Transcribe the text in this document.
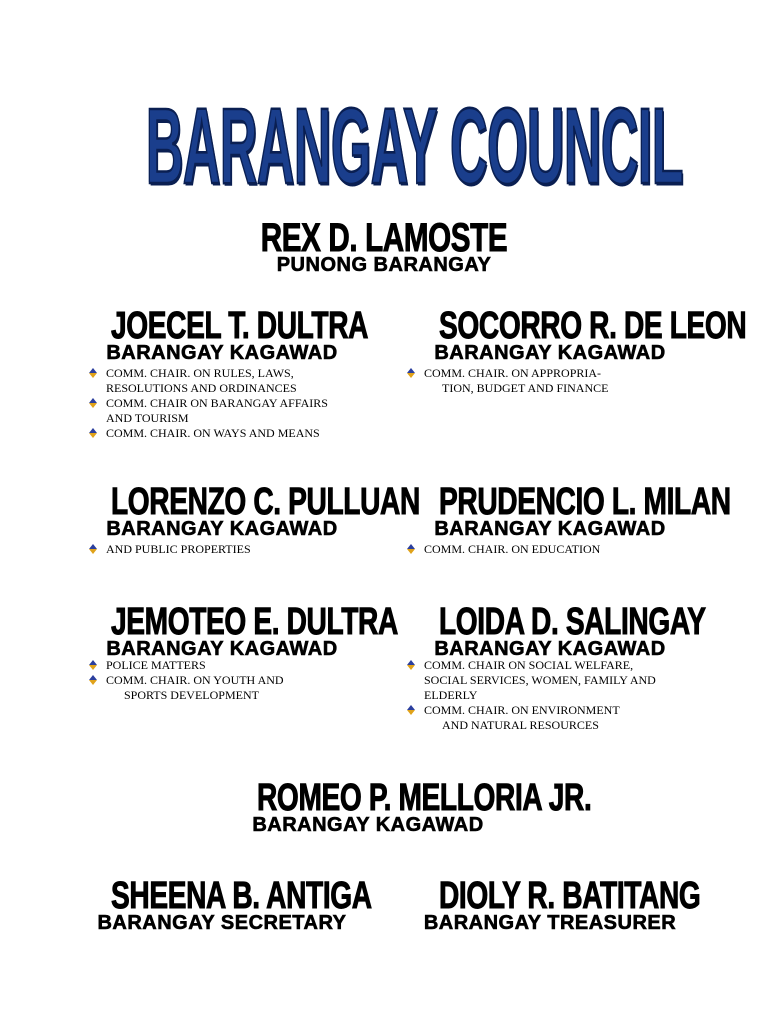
BARANGAY COUNCIL
REX D. LAMOSTE
PUNONG BARANGAY
JOECEL T. DULTRA
BARANGAY KAGAWAD
COMM. CHAIR. ON RULES, LAWS,
RESOLUTIONS AND ORDINANCES
COMM. CHAIR ON BARANGAY AFFAIRS
AND TOURISM
COMM. CHAIR. ON WAYS AND MEANS
SOCORRO R. DE LEON
BARANGAY KAGAWAD
COMM. CHAIR. ON APPROPRIA-
TION, BUDGET AND FINANCE
LORENZO C. PULLUAN
BARANGAY KAGAWAD
AND PUBLIC PROPERTIES
PRUDENCIO L. MILAN
BARANGAY KAGAWAD
COMM. CHAIR. ON EDUCATION
JEMOTEO E. DULTRA
BARANGAY KAGAWAD
POLICE MATTERS
COMM. CHAIR. ON YOUTH AND
SPORTS DEVELOPMENT
LOIDA D. SALINGAY
BARANGAY KAGAWAD
COMM. CHAIR ON SOCIAL WELFARE,
SOCIAL SERVICES, WOMEN, FAMILY AND
ELDERLY
COMM. CHAIR. ON ENVIRONMENT
AND NATURAL RESOURCES
ROMEO P. MELLORIA JR.
BARANGAY KAGAWAD
SHEENA B. ANTIGA
BARANGAY SECRETARY
DIOLY R. BATITANG
BARANGAY TREASURER
